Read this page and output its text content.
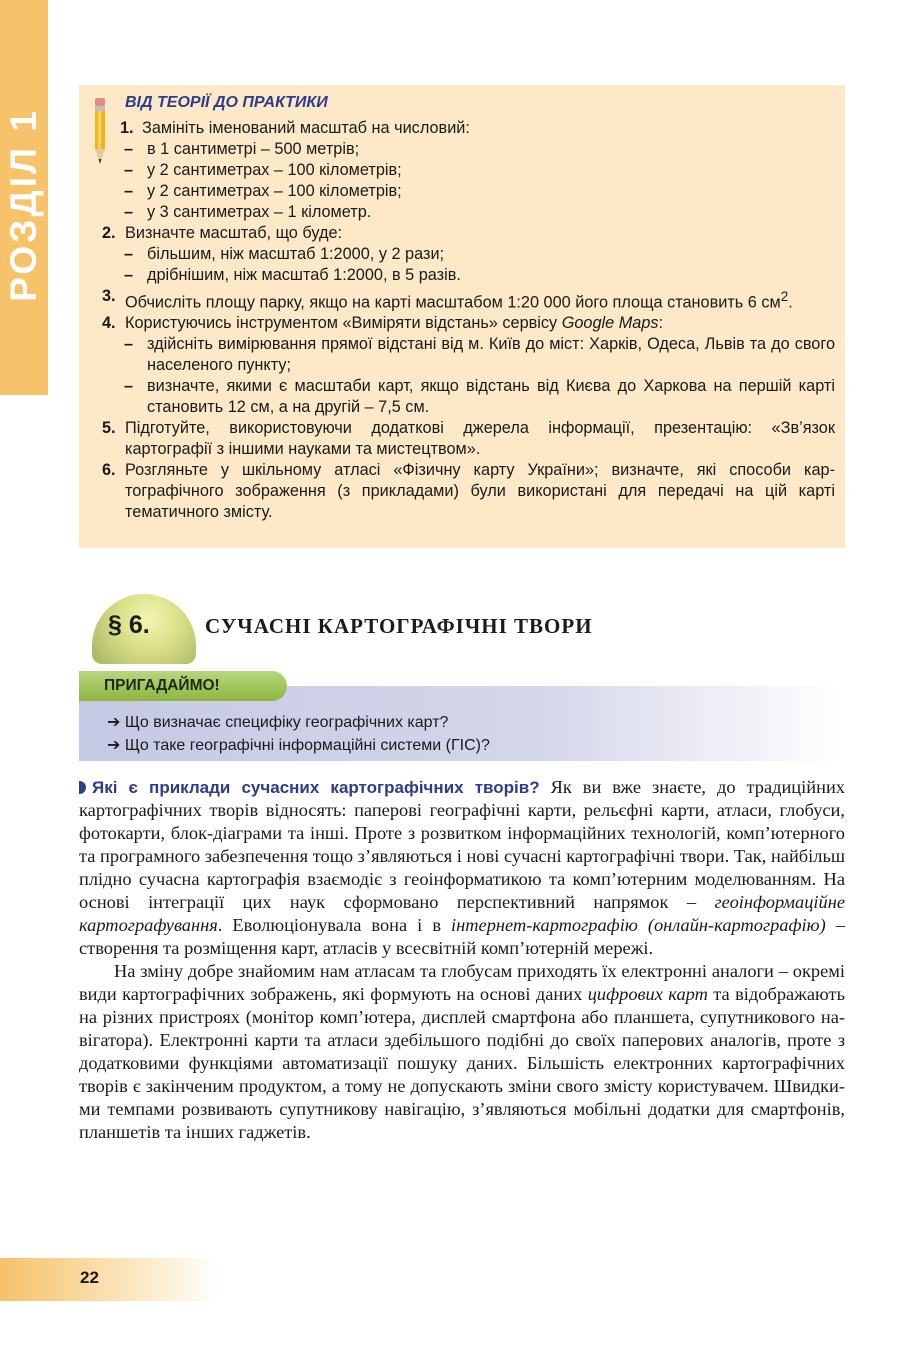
РОЗДІЛ 1
ВІД ТЕОРІЇ ДО ПРАКТИКИ
1. Замініть іменований масштаб на числовий:
– в 1 сантиметрі – 500 метрів;
– у 2 сантиметрах – 100 кілометрів;
– у 2 сантиметрах – 100 кілометрів;
– у 3 сантиметрах – 1 кілометр.
2. Визначте масштаб, що буде:
– більшим, ніж масштаб 1:2000, у 2 рази;
– дрібнішим, ніж масштаб 1:2000, в 5 разів.
3. Обчисліть площу парку, якщо на карті масштабом 1:20 000 його площа становить 6 $см^2$.
4. Користуючись інструментом «Виміряти відстань» сервісу Google Maps:
– здійсніть вимірювання прямої відстані від м. Київ до міст: Харків, Одеса, Львів та до свого населеного пункту;
– визначте, якими є масштаби карт, якщо відстань від Києва до Харкова на першій карті становить 12 см, а на другій – 7,5 см.
5. Підготуйте, використовуючи додаткові джерела інформації, презентацію: «Зв’язок картографії з іншими науками та мистецтвом».
6. Розгляньте у шкільному атласі «Фізичну карту України»; визначте, які способи картографічного зображення (з прикладами) були використані для передачі на цій карті тематичного змісту.
§ 6.	СУЧАСНІ КАРТОГРАФІЧНІ ТВОРИ
ПРИГАДАЙМО!
➔ Що визначає специфіку географічних карт?
➔ Що таке географічні інформаційні системи (ГІС)?

Які є приклади сучасних картографічних творів? Як ви вже знаєте, до традиційних картографічних творів відносять: паперові географічні карти, рельєфні карти, атласи, глобуси, фотокарти, блок-діаграми та інші. Проте з розвитком інформаційних технологій, комп’ютерного та програмного забезпечення тощо з’являються і нові сучасні картографічні твори. Так, найбільш плідно сучасна картографія взаємодіє з геоінформатикою та комп’ютерним моделюванням. На основі інтеграції цих наук сформовано перспективний напрямок – геоінформаційне картографування. Еволюціонувала вона і в інтернет-картографію (онлайн-картографію) – створення та розміщення карт, атласів у всесвітній комп’ютерній мережі.

На зміну добре знайомим нам атласам та глобусам приходять їх електронні аналоги – окремі види картографічних зображень, які формують на основі даних цифрових карт та відображають на різних пристроях (монітор комп’ютера, дисплей смартфона або планшета, супутникового навігатора). Електронні карти та атласи здебільшого подібні до своїх паперових аналогів, проте з додатковими функціями автоматизації пошуку даних. Більшість електронних картографічних творів є закінченим продуктом, а тому не допускають зміни свого змісту користувачем. Швидкими темпами розвивають супутникову навігацію, з’являються мобільні додатки для смартфонів, планшетів та інших гаджетів.

22
